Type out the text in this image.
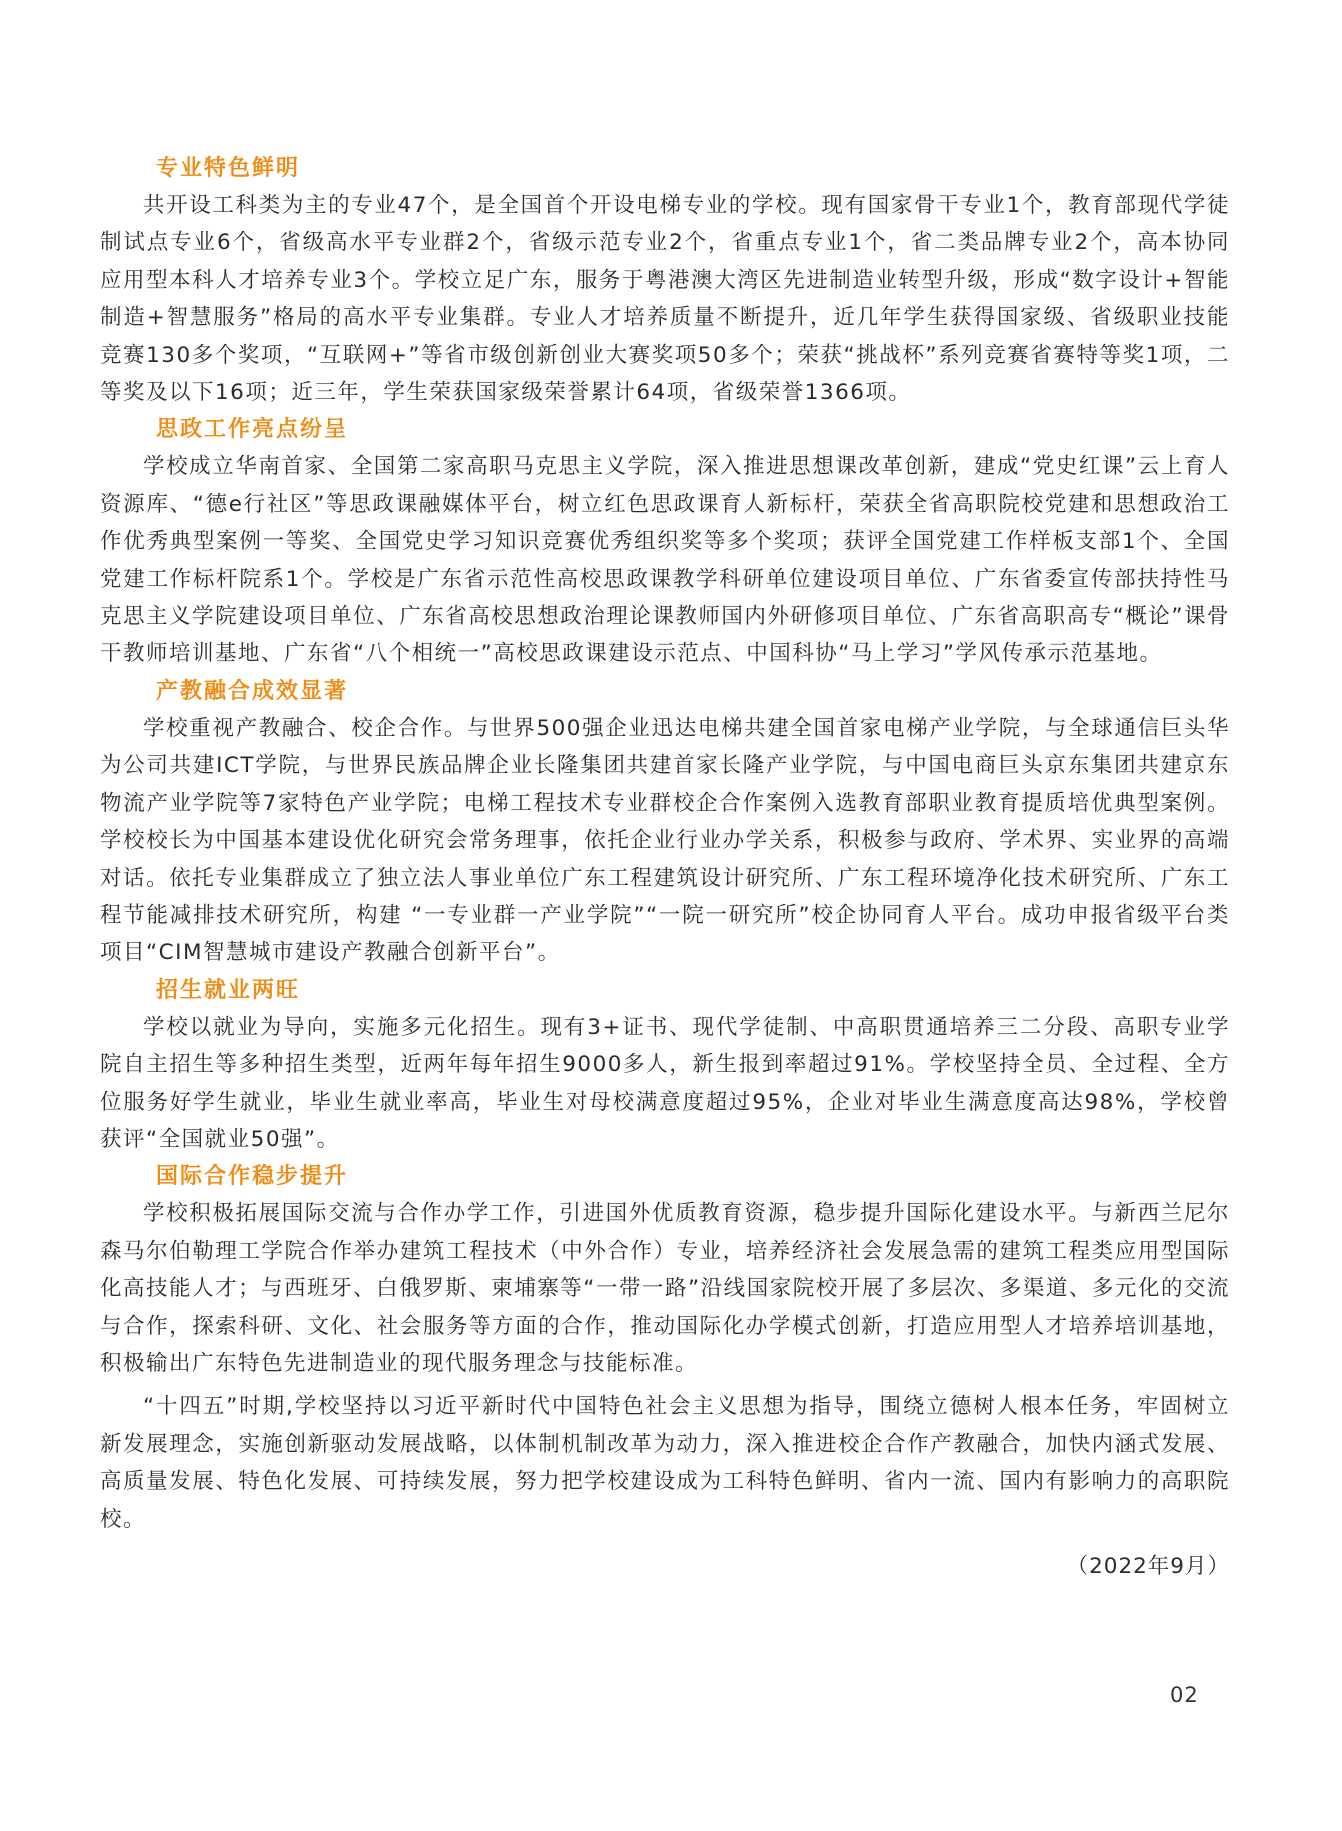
专业特色鲜明

共开设工科类为主的专业47个，是全国首个开设电梯专业的学校。现有国家骨干专业1个，教育部现代学徒制试点专业6个，省级高水平专业群2个，省级示范专业2个，省重点专业1个，省二类品牌专业2个，高本协同应用型本科人才培养专业3个。学校立足广东，服务于粤港澳大湾区先进制造业转型升级，形成“数字设计+智能制造+智慧服务”格局的高水平专业集群。专业人才培养质量不断提升，近几年学生获得国家级、省级职业技能竞赛130多个奖项，“互联网+”等省市级创新创业大赛奖项50多个；荣获“挑战杯”系列竞赛省赛特等奖1项，二等奖及以下16项；近三年，学生荣获国家级荣誉累计64项，省级荣誉1366项。

思政工作亮点纷呈

学校成立华南首家、全国第二家高职马克思主义学院，深入推进思想课改革创新，建成“党史红课”云上育人资源库、“德e行社区”等思政课融媒体平台，树立红色思政课育人新标杆，荣获全省高职院校党建和思想政治工作优秀典型案例一等奖、全国党史学习知识竞赛优秀组织奖等多个奖项；获评全国党建工作样板支部1个、全国党建工作标杆院系1个。学校是广东省示范性高校思政课教学科研单位建设项目单位、广东省委宣传部扶持性马克思主义学院建设项目单位、广东省高校思想政治理论课教师国内外研修项目单位、广东省高职高专“概论”课骨干教师培训基地、广东省“八个相统一”高校思政课建设示范点、中国科协“马上学习”学风传承示范基地。

产教融合成效显著

学校重视产教融合、校企合作。与世界500强企业迅达电梯共建全国首家电梯产业学院，与全球通信巨头华为公司共建ICT学院，与世界民族品牌企业长隆集团共建首家长隆产业学院，与中国电商巨头京东集团共建京东物流产业学院等7家特色产业学院；电梯工程技术专业群校企合作案例入选教育部职业教育提质培优典型案例。学校校长为中国基本建设优化研究会常务理事，依托企业行业办学关系，积极参与政府、学术界、实业界的高端对话。依托专业集群成立了独立法人事业单位广东工程建筑设计研究所、广东工程环境净化技术研究所、广东工程节能减排技术研究所，构建 “一专业群一产业学院”“一院一研究所”校企协同育人平台。成功申报省级平台类项目“CIM智慧城市建设产教融合创新平台”。

招生就业两旺

学校以就业为导向，实施多元化招生。现有3+证书、现代学徒制、中高职贯通培养三二分段、高职专业学院自主招生等多种招生类型，近两年每年招生9000多人，新生报到率超过91%。学校坚持全员、全过程、全方位服务好学生就业，毕业生就业率高，毕业生对母校满意度超过95%，企业对毕业生满意度高达98%，学校曾获评“全国就业50强”。

国际合作稳步提升

学校积极拓展国际交流与合作办学工作，引进国外优质教育资源，稳步提升国际化建设水平。与新西兰尼尔森马尔伯勒理工学院合作举办建筑工程技术（中外合作）专业，培养经济社会发展急需的建筑工程类应用型国际化高技能人才；与西班牙、白俄罗斯、柬埔寨等“一带一路”沿线国家院校开展了多层次、多渠道、多元化的交流与合作，探索科研、文化、社会服务等方面的合作，推动国际化办学模式创新，打造应用型人才培养培训基地，积极输出广东特色先进制造业的现代服务理念与技能标准。

“十四五”时期,学校坚持以习近平新时代中国特色社会主义思想为指导，围绕立德树人根本任务，牢固树立新发展理念，实施创新驱动发展战略，以体制机制改革为动力，深入推进校企合作产教融合，加快内涵式发展、高质量发展、特色化发展、可持续发展，努力把学校建设成为工科特色鲜明、省内一流、国内有影响力的高职院校。

（2022年9月）

02
